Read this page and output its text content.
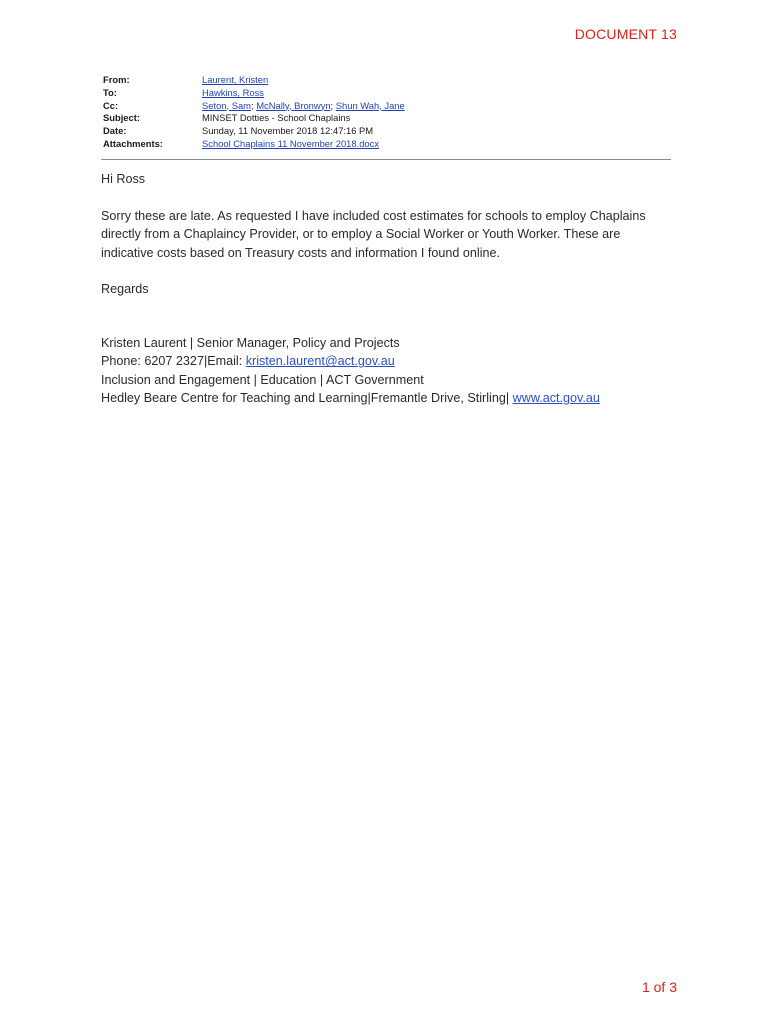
DOCUMENT 13
From:	Laurent, Kristen
To:	Hawkins, Ross
Cc:	Seton, Sam; McNally, Bronwyn; Shun Wah, Jane
Subject:	MINSET Dotties - School Chaplains
Date:	Sunday, 11 November 2018 12:47:16 PM
Attachments:	School Chaplains 11 November 2018.docx
Hi Ross
Sorry these are late. As requested I have included cost estimates for schools to employ Chaplains
directly from a Chaplaincy Provider, or to employ a Social Worker or Youth Worker. These are
indicative costs based on Treasury costs and information I found online.
Regards
Kristen Laurent | Senior Manager, Policy and Projects
Phone: 6207 2327|Email: kristen.laurent@act.gov.au
Inclusion and Engagement | Education | ACT Government
Hedley Beare Centre for Teaching and Learning|Fremantle Drive, Stirling| www.act.gov.au
1 of 3
